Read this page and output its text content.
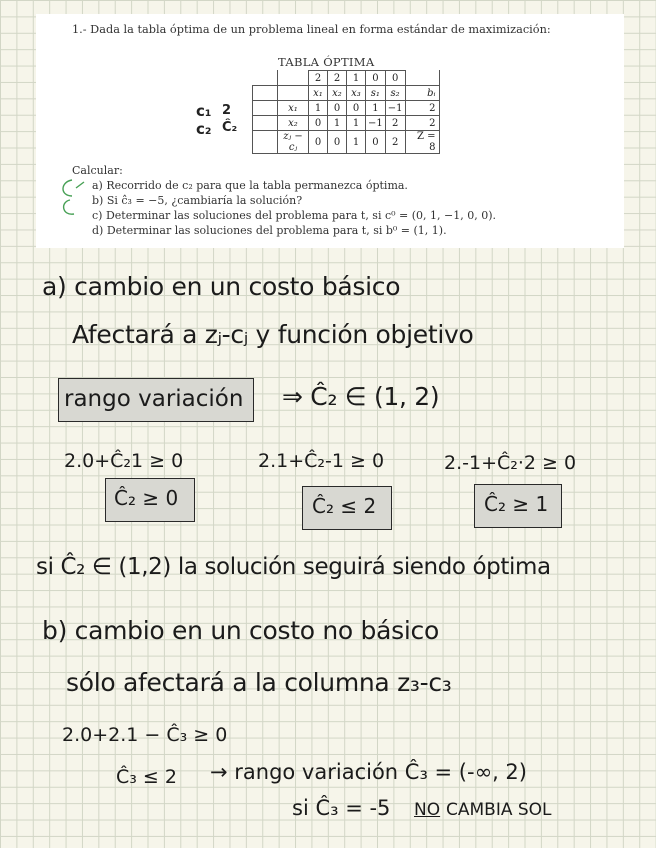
1.- Dada la tabla óptima de un problema lineal en forma estándar de maximización:

TABLA ÓPTIMA

		2	2	1	0	0	
		x₁	x₂	x₃	s₁	s₂	bᵢ
	x₁	1	0	0	1	−1	2
	x₂	0	1	1	−1	2	2
	zⱼ − cⱼ	0	0	1	0	2	Z = 8

c₁

c₂

2

Ĉ₂

Calcular:

a) Recorrido de c₂ para que la tabla permanezca óptima.

b) Si ĉ₃ = −5, ¿cambiaría la solución?

c) Determinar las soluciones del problema para t, si c⁰ = (0, 1, −1, 0, 0).

d) Determinar las soluciones del problema para t, si b⁰ = (1, 1).

a) cambio en un costo básico

Afectará a zⱼ-cⱼ y función objetivo

rango variación ⇒ Ĉ₂ ∈ (1, 2)

2.0+Ĉ₂1 ≥ 0	2.1+Ĉ₂-1 ≥ 0	2.-1+Ĉ₂·2 ≥ 0

Ĉ₂ ≥ 0	Ĉ₂ ≤ 2	Ĉ₂ ≥ 1

si Ĉ₂ ∈ (1,2) la solución seguirá siendo óptima

b) cambio en un costo no básico

sólo afectará a la columna z₃-c₃

2.0+2.1 − Ĉ₃ ≥ 0

Ĉ₃ ≤ 2 → rango variación Ĉ₃ = (-∞, 2)

si Ĉ₃ = -5 NO CAMBIA SOL
